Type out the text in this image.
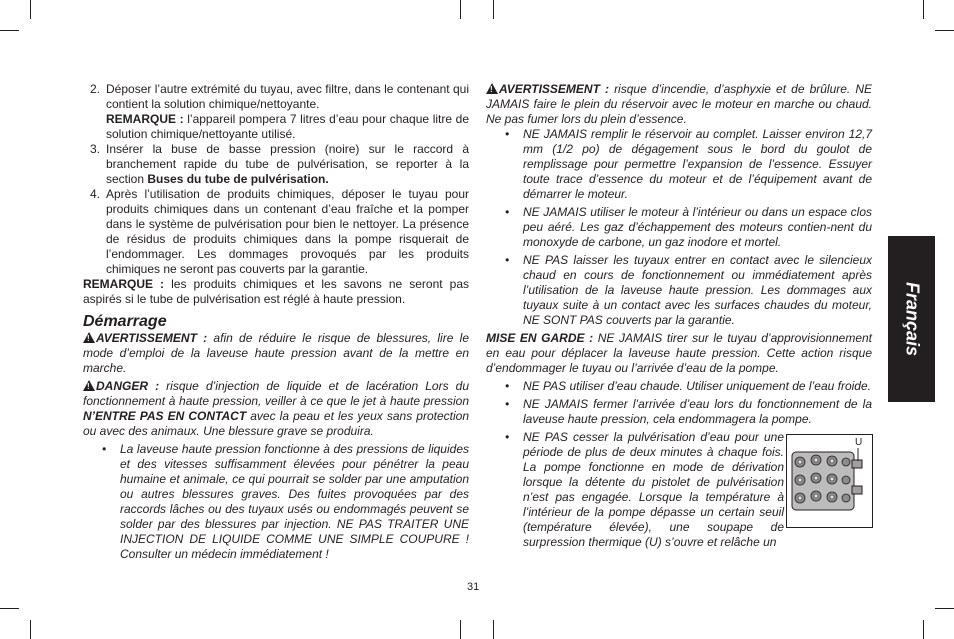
2. Déposer l’autre extrémité du tuyau, avec filtre, dans le contenant qui contient la solution chimique/nettoyante.

REMARQUE : l’appareil pompera 7 litres d’eau pour chaque litre de solution chimique/nettoyante utilisé.

3. Insérer la buse de basse pression (noire) sur le raccord à branchement rapide du tube de pulvérisation, se reporter à la section Buses du tube de pulvérisation.

4. Après l’utilisation de produits chimiques, déposer le tuyau pour produits chimiques dans un contenant d’eau fraîche et la pomper dans le système de pulvérisation pour bien le nettoyer. La présence de résidus de produits chimiques dans la pompe risquerait de l’endommager. Les dommages provoqués par les produits chimiques ne seront pas couverts par la garantie.

REMARQUE : les produits chimiques et les savons ne seront pas aspirés si le tube de pulvérisation est réglé à haute pression.

Démarrage

!AVERTISSEMENT : afin de réduire le risque de blessures, lire le mode d’emploi de la laveuse haute pression avant de la mettre en marche.

!DANGER : risque d’injection de liquide et de lacération Lors du fonctionnement à haute pression, veiller à ce que le jet à haute pression N’ENTRE PAS EN CONTACT avec la peau et les yeux sans protection ou avec des animaux. Une blessure grave se produira.

• La laveuse haute pression fonctionne à des pressions de liquides et des vitesses suffisamment élevées pour pénétrer la peau humaine et animale, ce qui pourrait se solder par une amputation ou autres blessures graves. Des fuites provoquées par des raccords lâches ou des tuyaux usés ou endommagés peuvent se solder par des blessures par injection. NE PAS TRAITER UNE INJECTION DE LIQUIDE COMME UNE SIMPLE COUPURE ! Consulter un médecin immédiatement !

!AVERTISSEMENT : risque d’incendie, d’asphyxie et de brûlure. NE JAMAIS faire le plein du réservoir avec le moteur en marche ou chaud. Ne pas fumer lors du plein d’essence.

• NE JAMAIS remplir le réservoir au complet. Laisser environ 12,7 mm (1/2 po) de dégagement sous le bord du goulot de remplissage pour permettre l’expansion de l’essence. Essuyer toute trace d’essence du moteur et de l’équipement avant de démarrer le moteur.

• NE JAMAIS utiliser le moteur à l’intérieur ou dans un espace clos peu aéré. Les gaz d’échappement des moteurs contien-nent du monoxyde de carbone, un gaz inodore et mortel.

• NE PAS laisser les tuyaux entrer en contact avec le silencieux chaud en cours de fonctionnement ou immédiatement après l’utilisation de la laveuse haute pression. Les dommages aux tuyaux suite à un contact avec les surfaces chaudes du moteur, NE SONT PAS couverts par la garantie.

MISE EN GARDE : NE JAMAIS tirer sur le tuyau d’approvisionnement en eau pour déplacer la laveuse haute pression. Cette action risque d’endommager le tuyau ou l’arrivée d’eau de la pompe.

• NE PAS utiliser d’eau chaude. Utiliser uniquement de l’eau froide.

• NE JAMAIS fermer l’arrivée d’eau lors du fonctionnement de la laveuse haute pression, cela endommagera la pompe.

• NE PAS cesser la pulvérisation d’eau pour une période de plus de deux minutes à chaque fois. La pompe fonctionne en mode de dérivation lorsque la détente du pistolet de pulvérisation n’est pas engagée. Lorsque la température à l’intérieur de la pompe dépasse un certain seuil (température élevée), une soupape de surpression thermique (U) s’ouvre et relâche un

U
Français
31
